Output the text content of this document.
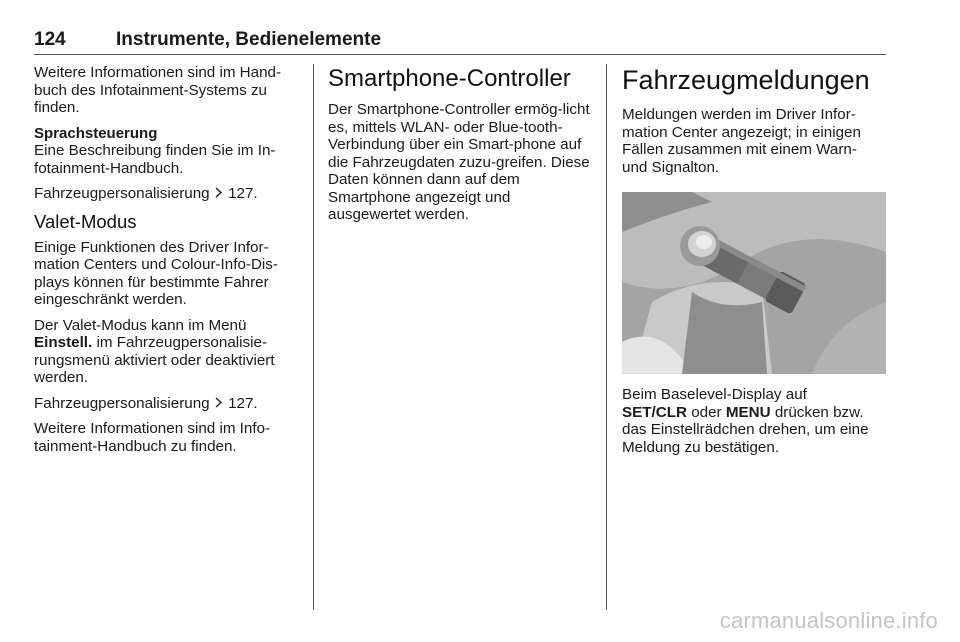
124	Instrumente, Bedienelemente

Weitere Informationen sind im Hand-buch des Infotainment-Systems zu finden.

Sprachsteuerung

Eine Beschreibung finden Sie im In-fotainment-Handbuch.

Fahrzeugpersonalisierung 127.

Valet-Modus

Einige Funktionen des Driver Infor-mation Centers und Colour-Info-Dis-plays können für bestimmte Fahrer eingeschränkt werden.

Der Valet-Modus kann im Menü
Einstell. im Fahrzeugpersonalisie-rungsmenü aktiviert oder deaktiviert werden.

Fahrzeugpersonalisierung 127.

Weitere Informationen sind im Info-tainment-Handbuch zu finden.

Smartphone-Controller

Der Smartphone-Controller ermög-licht es, mittels WLAN- oder Blue-tooth-Verbindung über ein Smart-phone auf die Fahrzeugdaten zuzu-greifen. Diese Daten können dann auf dem Smartphone angezeigt und ausgewertet werden.

Fahrzeugmeldungen

Meldungen werden im Driver Infor-mation Center angezeigt; in einigen Fällen zusammen mit einem Warn- und Signalton.

Beim Baselevel-Display auf
SET/CLR oder MENU drücken bzw. das Einstellrädchen drehen, um eine Meldung zu bestätigen.

carmanualsonline.info
